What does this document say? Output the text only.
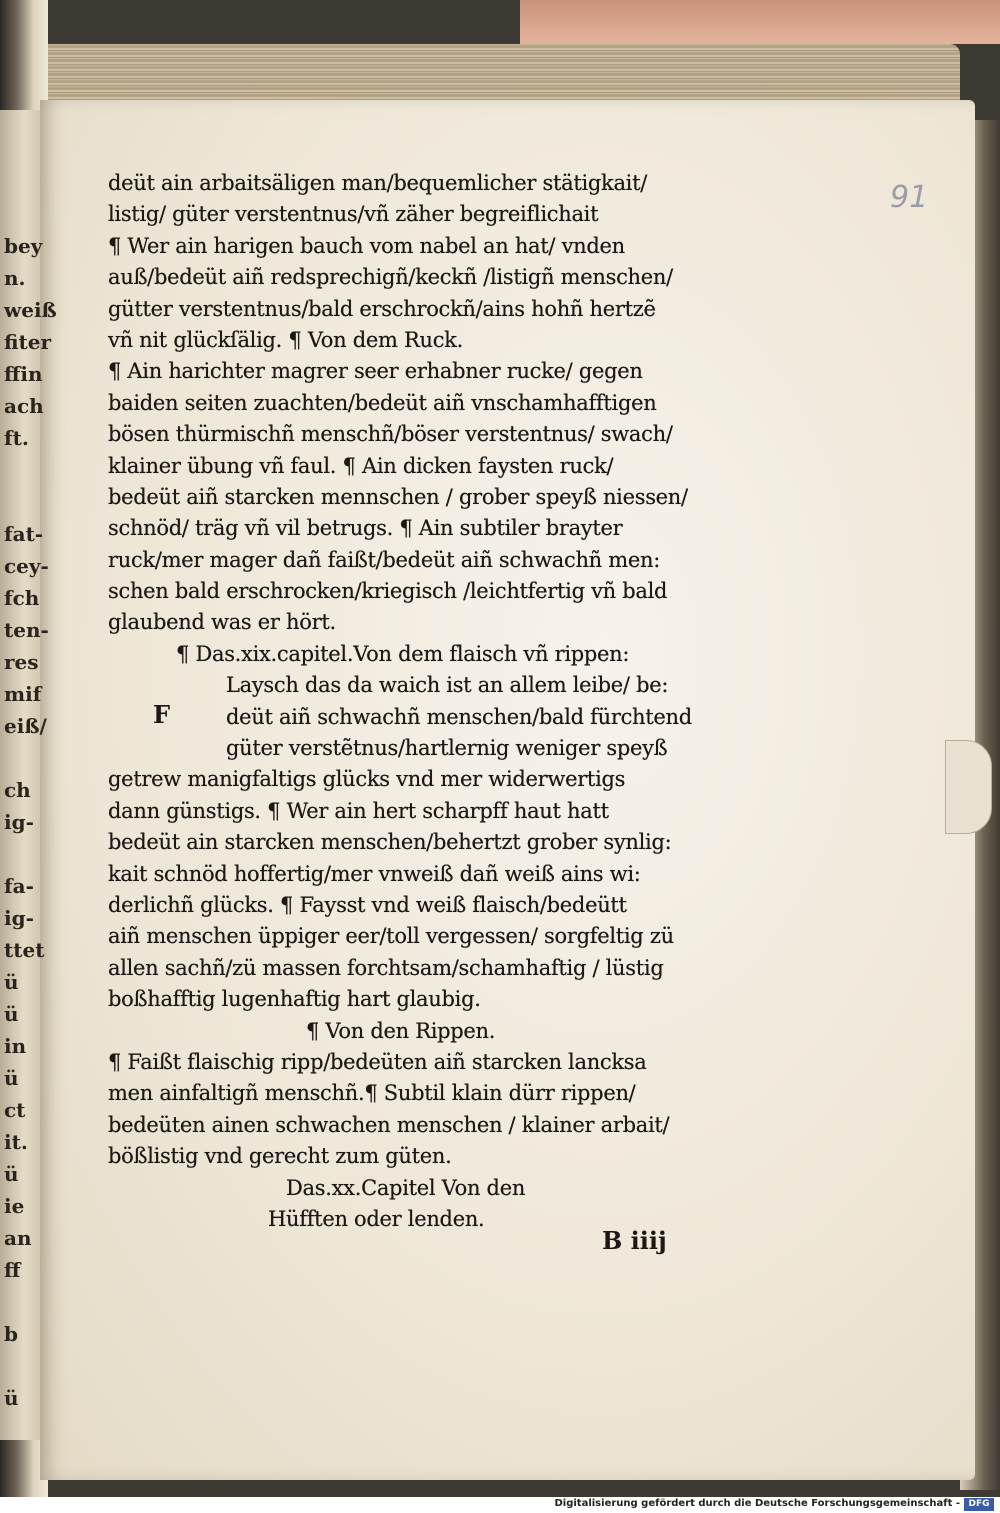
bey
n.
weiß
fiter
ffin
ach
ft.

fat-
cey-
fch
ten-
res
mif
eiß/

ch
ig-

fa-
ig-
ttet
ü
ü
in
ü
ct
it.
ü
ie
an
ff

b

ü
91
deüt ain arbaitsäligen man/bequemlicher stätigkait/
listig/ güter verstentnus/vñ zäher begreiflichait
¶ Wer ain harigen bauch vom nabel an hat/ vnden
auß/bedeüt aiñ redsprechigñ/keckñ /listigñ menschen/
gütter verstentnus/bald erschrockñ/ains hohñ hertzẽ
vñ nit glückſälig. ¶ Von dem Ruck.
¶ Ain harichter magrer seer erhabner rucke/ gegen
baiden seiten zuachten/bedeüt aiñ vnschamhafftigen
bösen thürmischñ menschñ/böser verstentnus/ swach/
klainer übung vñ faul. ¶ Ain dicken faysten ruck/
bedeüt aiñ starcken mennschen / grober speyß niessen/
schnöd/ träg vñ vil betrugs. ¶ Ain subtiler brayter
ruck/mer mager dañ faißt/bedeüt aiñ schwachñ men:
schen bald erschrocken/kriegisch /leichtfertig vñ bald
glaubend was er hört.
¶ Das.xix.capitel.Von dem flaisch vñ rippen:
Laysch das da waich ist an allem leibe/ be:
deüt aiñ schwachñ menschen/bald fürchtend
güter verstẽtnus/hartlernig weniger speyß
getrew manigfaltigs glücks vnd mer widerwertigs
dann günstigs. ¶ Wer ain hert scharpff haut hatt
bedeüt ain starcken menschen/behertzt grober synlig:
kait schnöd hoffertig/mer vnweiß dañ weiß ains wi:
derlichñ glücks. ¶ Faysst vnd weiß flaisch/bedeütt
aiñ menschen üppiger eer/toll vergessen/ sorgfeltig zü
allen sachñ/zü massen forchtsam/schamhaftig / lüstig
boßhafftig lugenhaftig hart glaubig.
¶ Von den Rippen.
¶ Faißt flaischig ripp/bedeüten aiñ starcken lancksa
men ainfaltigñ menschñ.¶ Subtil klain dürr rippen/
bedeüten ainen schwachen menschen / klainer arbait/
bößlistig vnd gerecht zum güten.
Das.xx.Capitel Von den
Hüfften oder lenden.
F
B iiij
Digitalisierung gefördert durch die Deutsche Forschungsgemeinschaft - DFG
